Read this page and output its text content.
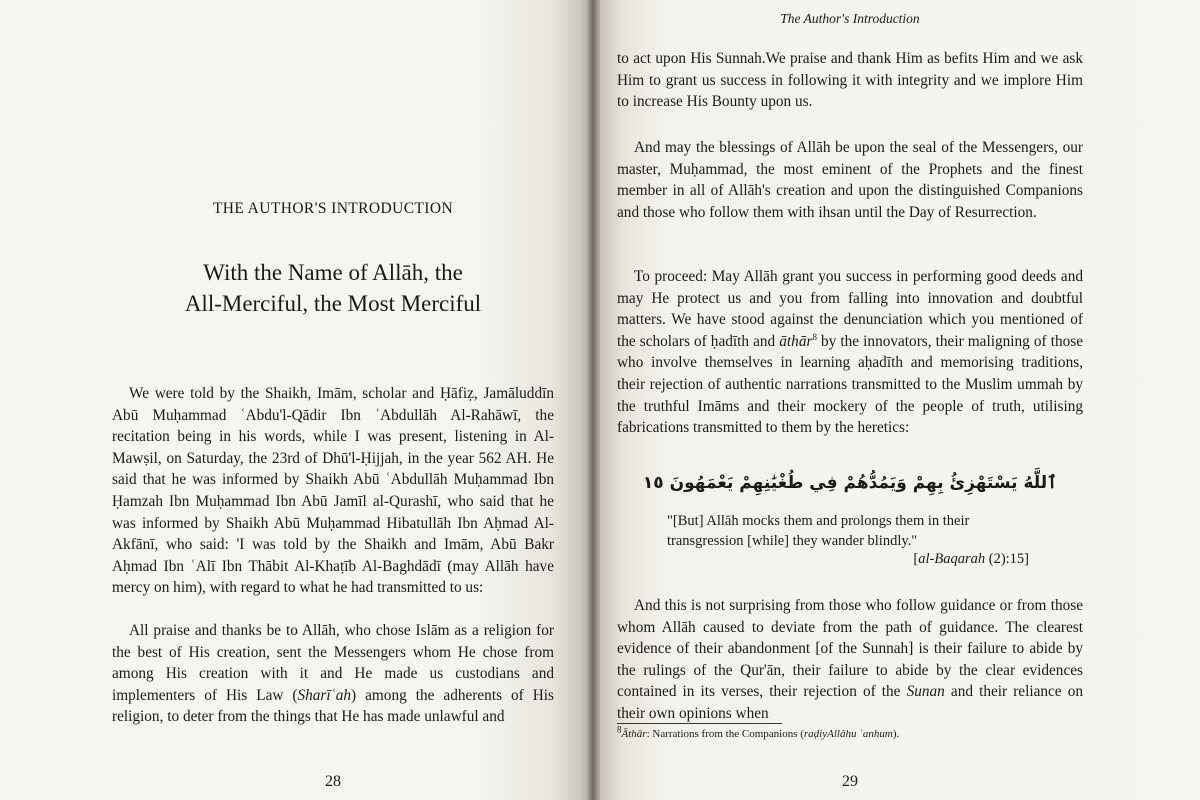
THE AUTHOR'S INTRODUCTION
With the Name of Allāh, the
All-Merciful, the Most Merciful

We were told by the Shaikh, Imām, scholar and Ḥāfiẓ, Jamāluddīn Abū Muḥammad ʿAbdu'l-Qādir Ibn ʿAbdullāh Al-Rahāwī, the recitation being in his words, while I was present, listening in Al-Mawṣil, on Saturday, the 23rd of Dhū'l-Ḥijjah, in the year 562 AH. He said that he was informed by Shaikh Abū ʿAbdullāh Muḥammad Ibn Ḥamzah Ibn Muḥammad Ibn Abū Jamīl al-Qurashī, who said that he was informed by Shaikh Abū Muḥammad Hibatullāh Ibn Aḥmad Al-Akfānī, who said: 'I was told by the Shaikh and Imām, Abū Bakr Aḥmad Ibn ʿAlī Ibn Thābit Al-Khaṭīb Al-Baghdādī (may Allāh have mercy on him), with regard to what he had transmitted to us:

All praise and thanks be to Allāh, who chose Islām as a religion for the best of His creation, sent the Messengers whom He chose from among His creation with it and He made us custodians and implementers of His Law (Sharīʿah) among the adherents of His religion, to deter from the things that He has made unlawful and

28
The Author's Introduction

to act upon His Sunnah.We praise and thank Him as befits Him and we ask Him to grant us success in following it with integrity and we implore Him to increase His Bounty upon us.

And may the blessings of Allāh be upon the seal of the Messengers, our master, Muḥammad, the most eminent of the Prophets and the finest member in all of Allāh's creation and upon the distinguished Companions and those who follow them with ihsan until the Day of Resurrection.

To proceed: May Allāh grant you success in performing good deeds and may He protect us and you from falling into innovation and doubtful matters. We have stood against the denunciation which you mentioned of the scholars of ḥadīth and āthār$^8$ by the innovators, their maligning of those who involve themselves in learning aḥadīth and memorising traditions, their rejection of authentic narrations transmitted to the Muslim ummah by the truthful Imāms and their mockery of the people of truth, utilising fabrications transmitted to them by the heretics:

ٱللَّهُ يَسْتَهْزِئُ بِهِمْ وَيَمُدُّهُمْ فِي طُغْيَٰنِهِمْ يَعْمَهُونَ ١٥
"[But] Allāh mocks them and prolongs them in their transgression [while] they wander blindly."
[al-Baqarah (2):15]

And this is not surprising from those who follow guidance or from those whom Allāh caused to deviate from the path of guidance. The clearest evidence of their abandonment [of the Sunnah] is their failure to abide by the rulings of the Qur'ān, their failure to abide by the clear evidences contained in its verses, their rejection of the Sunan and their reliance on their own opinions when

$^8$Āthār: Narrations from the Companions (raḍiyAllāhu ʿanhum).
29
